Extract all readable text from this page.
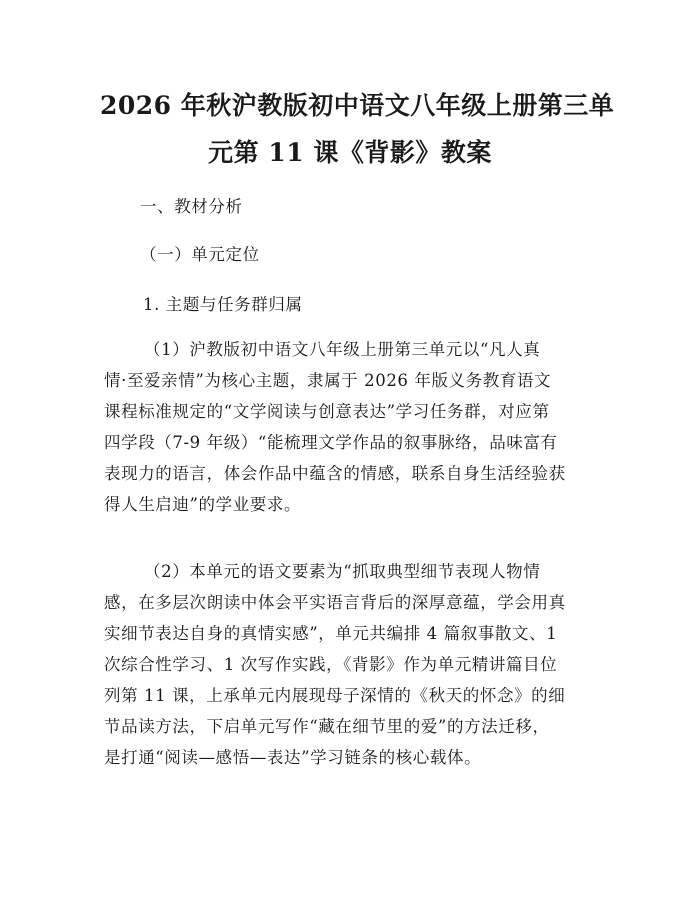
2026 年秋沪教版初中语文八年级上册第三单
元第 11 课《背影》教案
一、教材分析
（一）单元定位
1. 主题与任务群归属
（1）沪教版初中语文八年级上册第三单元以“凡人真
情·至爱亲情”为核心主题，隶属于 2026 年版义务教育语文
课程标准规定的“文学阅读与创意表达”学习任务群，对应第
四学段（7-9 年级）“能梳理文学作品的叙事脉络，品味富有
表现力的语言，体会作品中蕴含的情感，联系自身生活经验获
得人生启迪”的学业要求。
（2）本单元的语文要素为“抓取典型细节表现人物情
感，在多层次朗读中体会平实语言背后的深厚意蕴，学会用真
实细节表达自身的真情实感”，单元共编排 4 篇叙事散文、1
次综合性学习、1 次写作实践，《背影》作为单元精讲篇目位
列第 11 课，上承单元内展现母子深情的《秋天的怀念》的细
节品读方法，下启单元写作“藏在细节里的爱”的方法迁移，
是打通“阅读—感悟—表达”学习链条的核心载体。
